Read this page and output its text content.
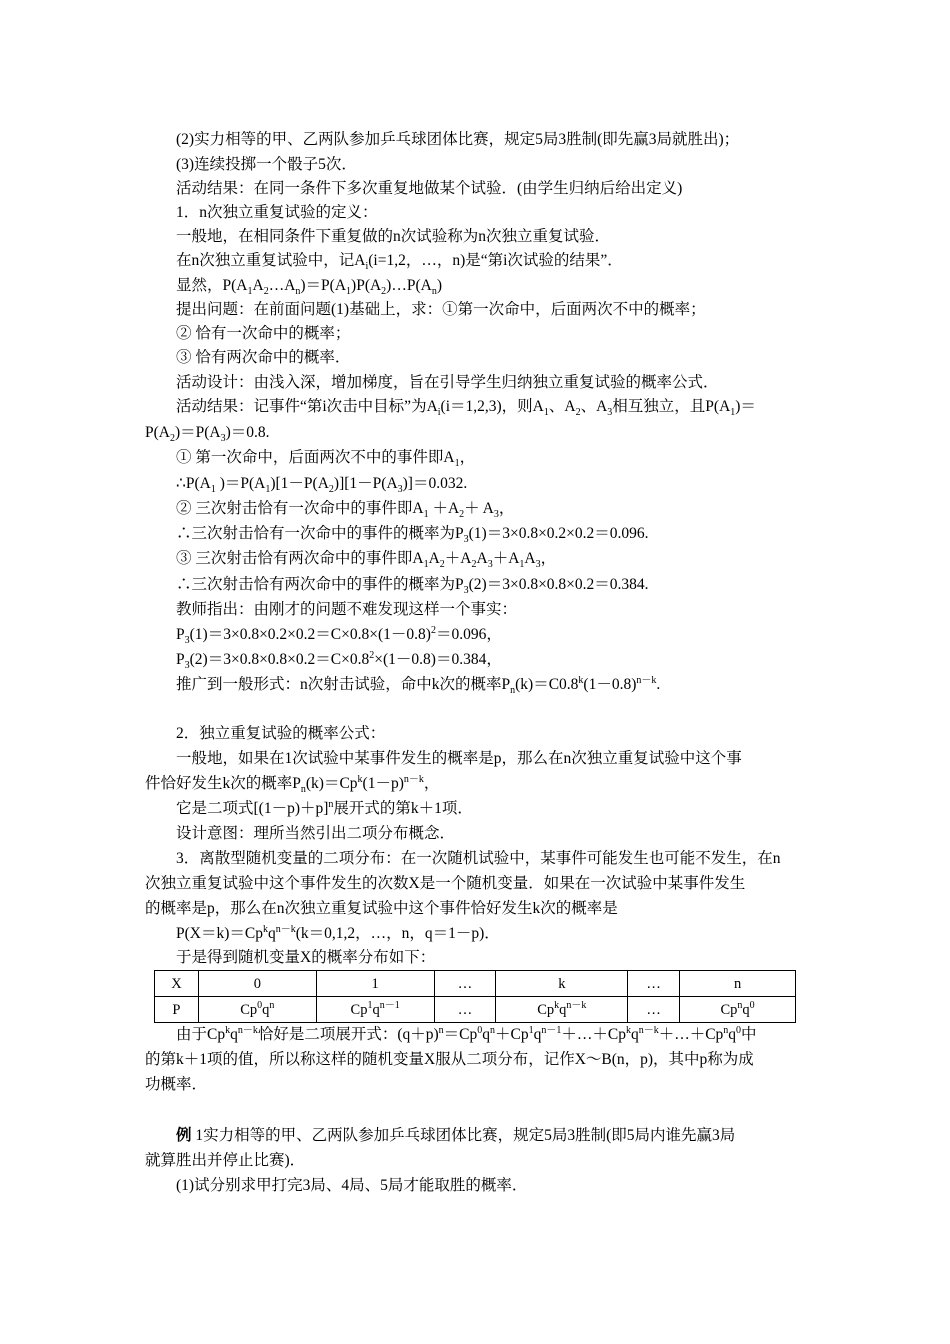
(2)实力相等的甲、乙两队参加乒乓球团体比赛，规定5局3胜制(即先赢3局就胜出)；
(3)连续投掷一个骰子5次．
活动结果：在同一条件下多次重复地做某个试验．(由学生归纳后给出定义)
1．n次独立重复试验的定义：
一般地，在相同条件下重复做的n次试验称为n次独立重复试验．
在n次独立重复试验中，记$A_i(i=1,2$，…，n)是“第i次试验的结果”．
显然，$P(A_1A_2\dots A_n)=P(A_1)P(A_2)\dots P(A_n)$
提出问题：在前面问题(1)基础上，求：①第一次命中，后面两次不中的概率；
② 恰有一次命中的概率；
③ 恰有两次命中的概率．
活动设计：由浅入深，增加梯度，旨在引导学生归纳独立重复试验的概率公式．
活动结果：记事件“第i次击中目标”为$A_i(i=1,2,3)$，则$A_1$、$A_2$、$A_3$相互独立，且$P(A_1)=$
$P(A_2)=P(A_3)=0.8$.
① 第一次命中，后面两次不中的事件即$A_1$，
$\therefore P(A_1$ )$=P(A_1)[1-P(A_2)][1-P(A_3)]=0.032$.
② 三次射击恰有一次命中的事件即$A_1 +A_2+ A_3$，
∴三次射击恰有一次命中的事件的概率为$P_3(1)=3\times 0.8\times 0.2\times 0.2=0.096$.
③ 三次射击恰有两次命中的事件即$A_1A_2+A_2A_3+A_1A_3$，
∴三次射击恰有两次命中的事件的概率为$P_3(2)=3\times 0.8\times 0.8\times 0.2=0.384$.
教师指出：由刚才的问题不难发现这样一个事实：
$P_3(1)=3\times 0.8\times 0.2\times 0.2=C\times 0.8\times(1-0.8)^2=0.096$，
$P_3(2)=3\times 0.8\times 0.8\times 0.2=C\times 0.8^2\times(1-0.8)=0.384$，
推广到一般形式：n次射击试验，命中k次的概率$P_n(k)=C0.8^k(1-0.8)^{n-k}$.
2．独立重复试验的概率公式：
一般地，如果在1次试验中某事件发生的概率是p，那么在n次独立重复试验中这个事
件恰好发生k次的概率$P_n(k)=Cp^k(1-p)^{n-k}$，
它是二项式$[(1-p)+p]^n$展开式的第k＋1项．
设计意图：理所当然引出二项分布概念．
3．离散型随机变量的二项分布：在一次随机试验中，某事件可能发生也可能不发生，在n
次独立重复试验中这个事件发生的次数X是一个随机变量．如果在一次试验中某事件发生
的概率是p，那么在n次独立重复试验中这个事件恰好发生k次的概率是
$P(X=k)=Cp^kq^{n-k}(k=0,1,2$，…，n，q＝1－p)．
于是得到随机变量X的概率分布如下：
X	0	1	…	k	…	n
P	$Cp^0q^n$	$Cp^1q^{n-1}$	…	$Cp^kq^{n-k}$	…	$Cp^nq^0$
由于$Cp^kq^{n-k}$恰好是二项展开式：$(q+p)^n=Cp^0q^n+Cp^1q^{n-1}+\dots+Cp^kq^{n-k}+\dots+Cp^nq^0$中
的第k＋1项的值，所以称这样的随机变量X服从二项分布，记作X～B(n，p)，其中p称为成
功概率．
例 1实力相等的甲、乙两队参加乒乓球团体比赛，规定5局3胜制(即5局内谁先赢3局
就算胜出并停止比赛)．
(1)试分别求甲打完3局、4局、5局才能取胜的概率．
